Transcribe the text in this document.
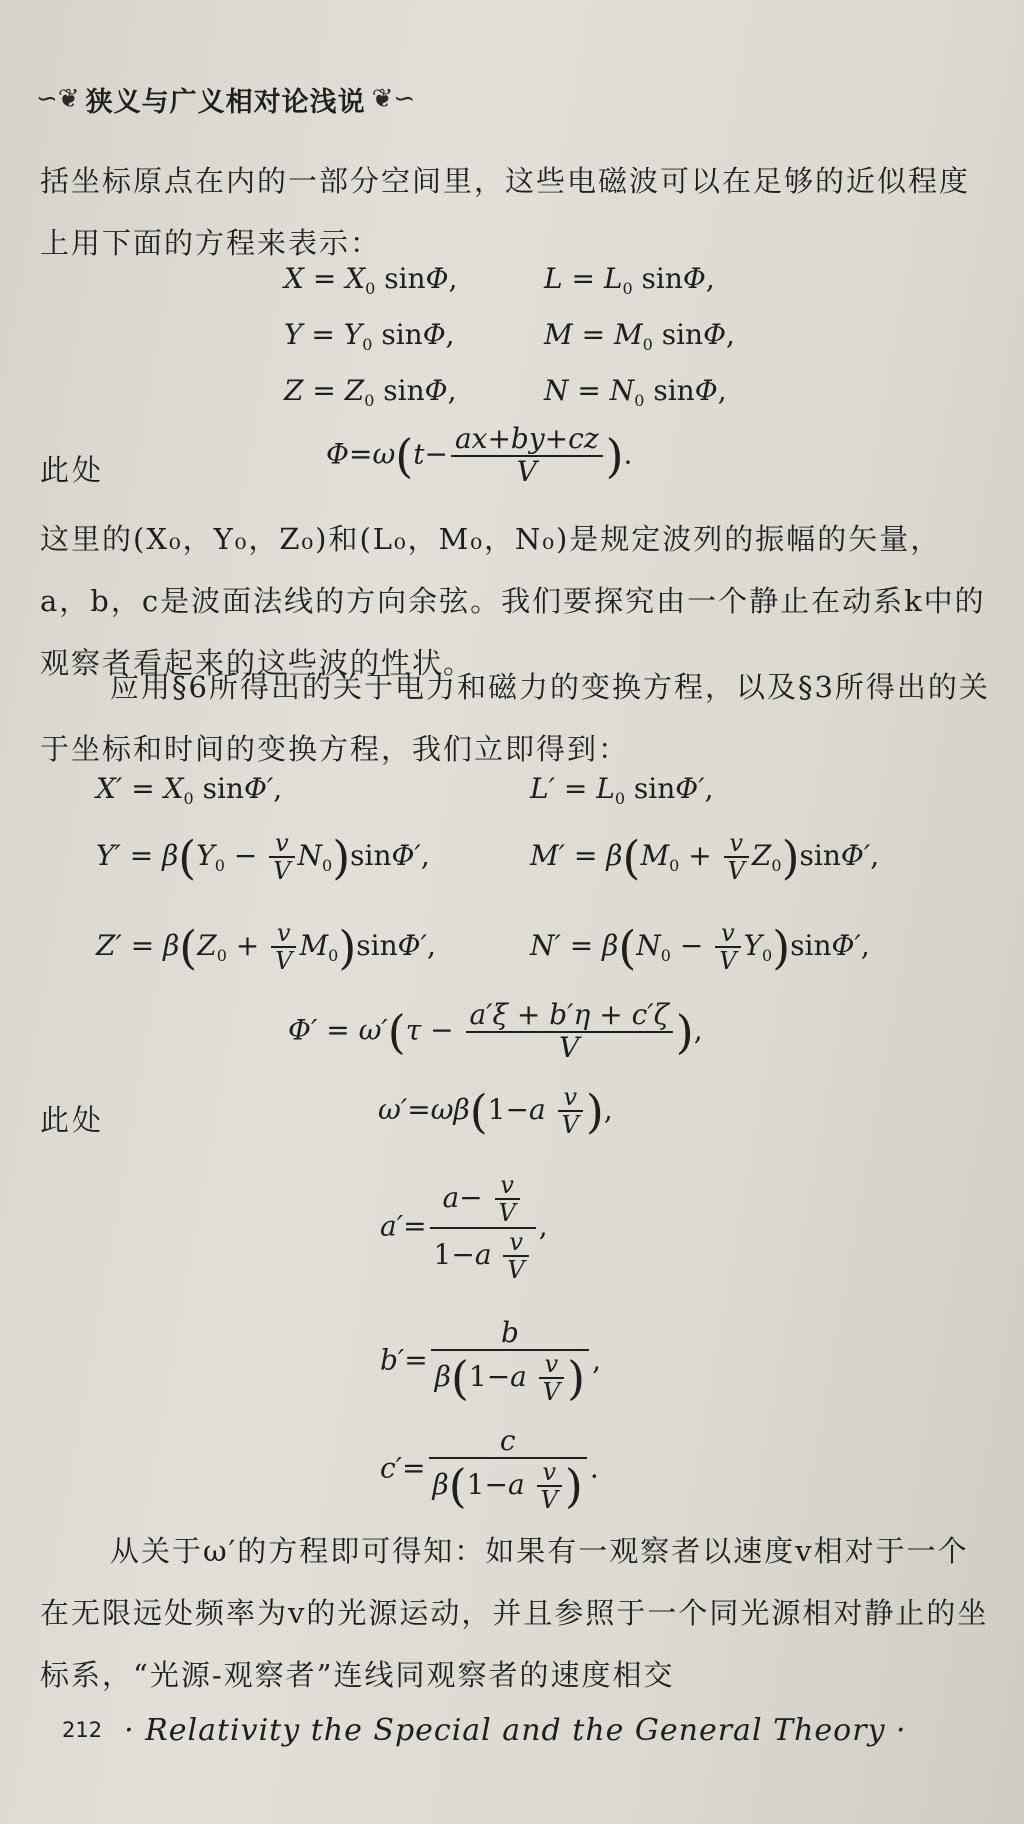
∽❦ 狭义与广义相对论浅说 ❦∽
括坐标原点在内的一部分空间里，这些电磁波可以在足够的近似程度上用下面的方程来表示：
$X = X_0$ sinΦ,	$L = L_0$ sinΦ,
$Y = Y_0$ sinΦ,	$M = M_0$ sinΦ,
$Z = Z_0$ sinΦ,	$N = N_0$ sinΦ,
此处	$\Phi=\omega(t- \frac{ax+by+cz}{V}$ ).
这里的(X₀，Y₀，Z₀)和(L₀，M₀，N₀)是规定波列的振幅的矢量，a，b，c是波面法线的方向余弦。我们要探究由一个静止在动系k中的观察者看起来的这些波的性状。
应用§6所得出的关于电力和磁力的变换方程，以及§3所得出的关于坐标和时间的变换方程，我们立即得到：
$X' = X_0$ sinΦ′,	$L' = L_0$ sinΦ′,
$Y' = \beta(Y_0 - \frac{v}{V} N_0)\sin\Phi'$,	$M' = \beta(M_0 + \frac{v}{V} Z_0)\sin\Phi'$,
$Z' = \beta(Z_0 + \frac{v}{V} M_0)\sin\Phi'$,	$N' = \beta(N_0 - \frac{v}{V} Y_0)\sin\Phi'$,
$\Phi' = \omega'(\tau - \frac{a'\xi + b'\eta + c'\zeta}{V}$ ),
此处	$\omega'=\omega\beta(1-a \frac{v}{V}$ ),
$a'= \frac{a- \frac{v}{V}}{1-a \frac{v}{V}}$ ,
$b'= \frac{b}{\beta(1-a \frac{v}{V} )}$ ,
$c'= \frac{c}{\beta(1-a \frac{v}{V} )}$ .
从关于ω′的方程即可得知：如果有一观察者以速度v相对于一个在无限远处频率为v的光源运动，并且参照于一个同光源相对静止的坐标系，“光源-观察者”连线同观察者的速度相交
212 · Relativity the Special and the General Theory ·
